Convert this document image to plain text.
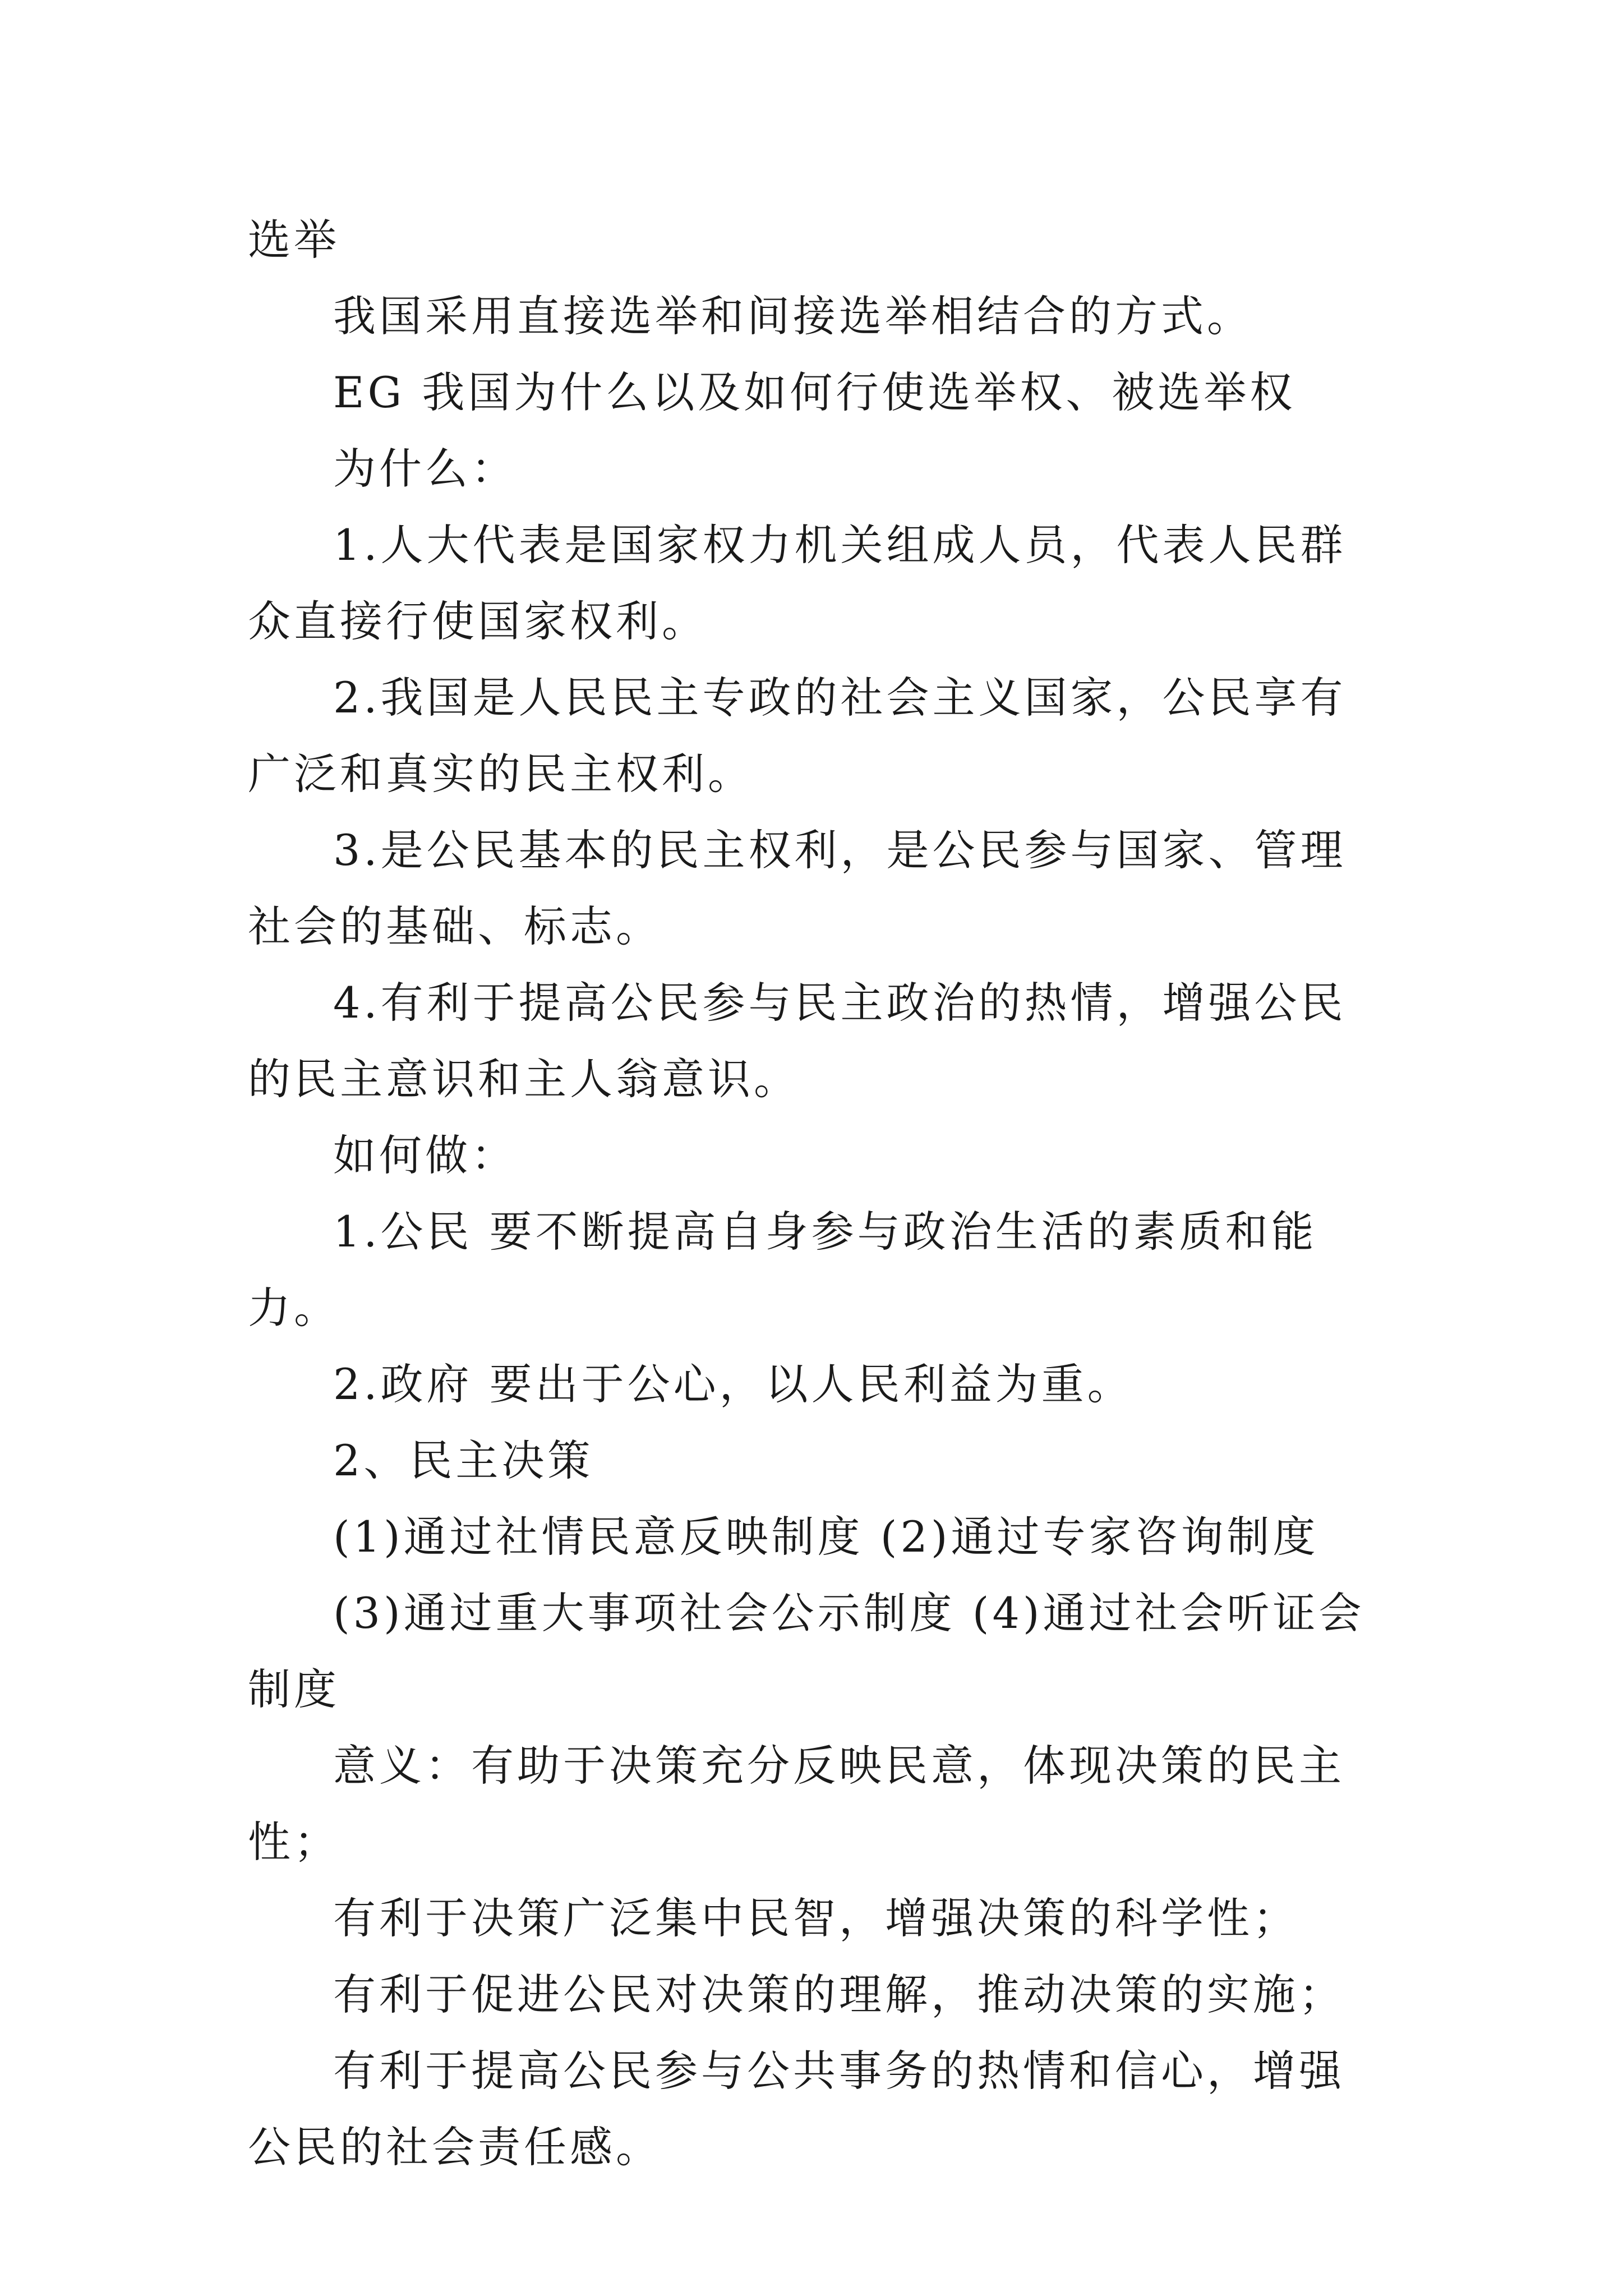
选举

我国采用直接选举和间接选举相结合的方式。

EG 我国为什么以及如何行使选举权、被选举权

为什么：

1.人大代表是国家权力机关组成人员，代表人民群众直接行使国家权利。

2.我国是人民民主专政的社会主义国家，公民享有广泛和真实的民主权利。

3.是公民基本的民主权利，是公民参与国家、管理社会的基础、标志。

4.有利于提高公民参与民主政治的热情，增强公民的民主意识和主人翁意识。

如何做：

1.公民 要不断提高自身参与政治生活的素质和能力。

2.政府 要出于公心，以人民利益为重。

2、民主决策

(1)通过社情民意反映制度 (2)通过专家咨询制度

(3)通过重大事项社会公示制度 (4)通过社会听证会制度

意义：有助于决策充分反映民意，体现决策的民主性；

有利于决策广泛集中民智，增强决策的科学性；

有利于促进公民对决策的理解，推动决策的实施；

有利于提高公民参与公共事务的热情和信心，增强公民的社会责任感。
